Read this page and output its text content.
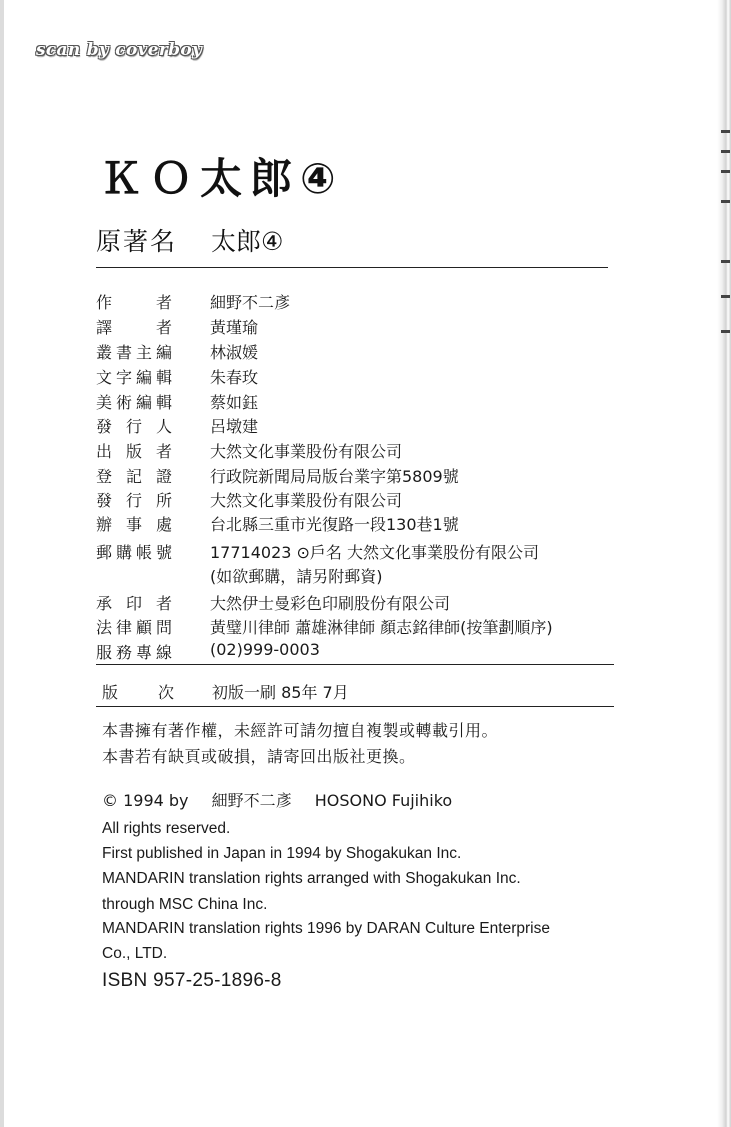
scan by coverboy
ＫＯ太郎④
原著名 太郎④
作者 細野不二彥
譯者 黃瑾瑜
叢書主編 林淑媛
文字編輯 朱春玫
美術編輯 蔡如鈺
發行人 呂墩建
出版者 大然文化事業股份有限公司
登記證 行政院新聞局局版台業字第5809號
發行所 大然文化事業股份有限公司
辦事處 台北縣三重市光復路一段130巷1號
郵購帳號 17714023 ⊙戶名 大然文化事業股份有限公司
(如欲郵購，請另附郵資)
承印者 大然伊士曼彩色印刷股份有限公司
法律顧問 黃璧川律師 蕭雄淋律師 顏志銘律師(按筆劃順序)
服務專線 (02)999-0003
版次 初版一刷 85年 7月
本書擁有著作權，未經許可請勿擅自複製或轉載引用。
本書若有缺頁或破損，請寄回出版社更換。
© 1994 by 細野不二彥 HOSONO Fujihiko
All rights reserved.
First published in Japan in 1994 by Shogakukan Inc.
MANDARIN translation rights arranged with Shogakukan Inc.
through MSC China Inc.
MANDARIN translation rights 1996 by DARAN Culture Enterprise
Co., LTD.
ISBN 957-25-1896-8
